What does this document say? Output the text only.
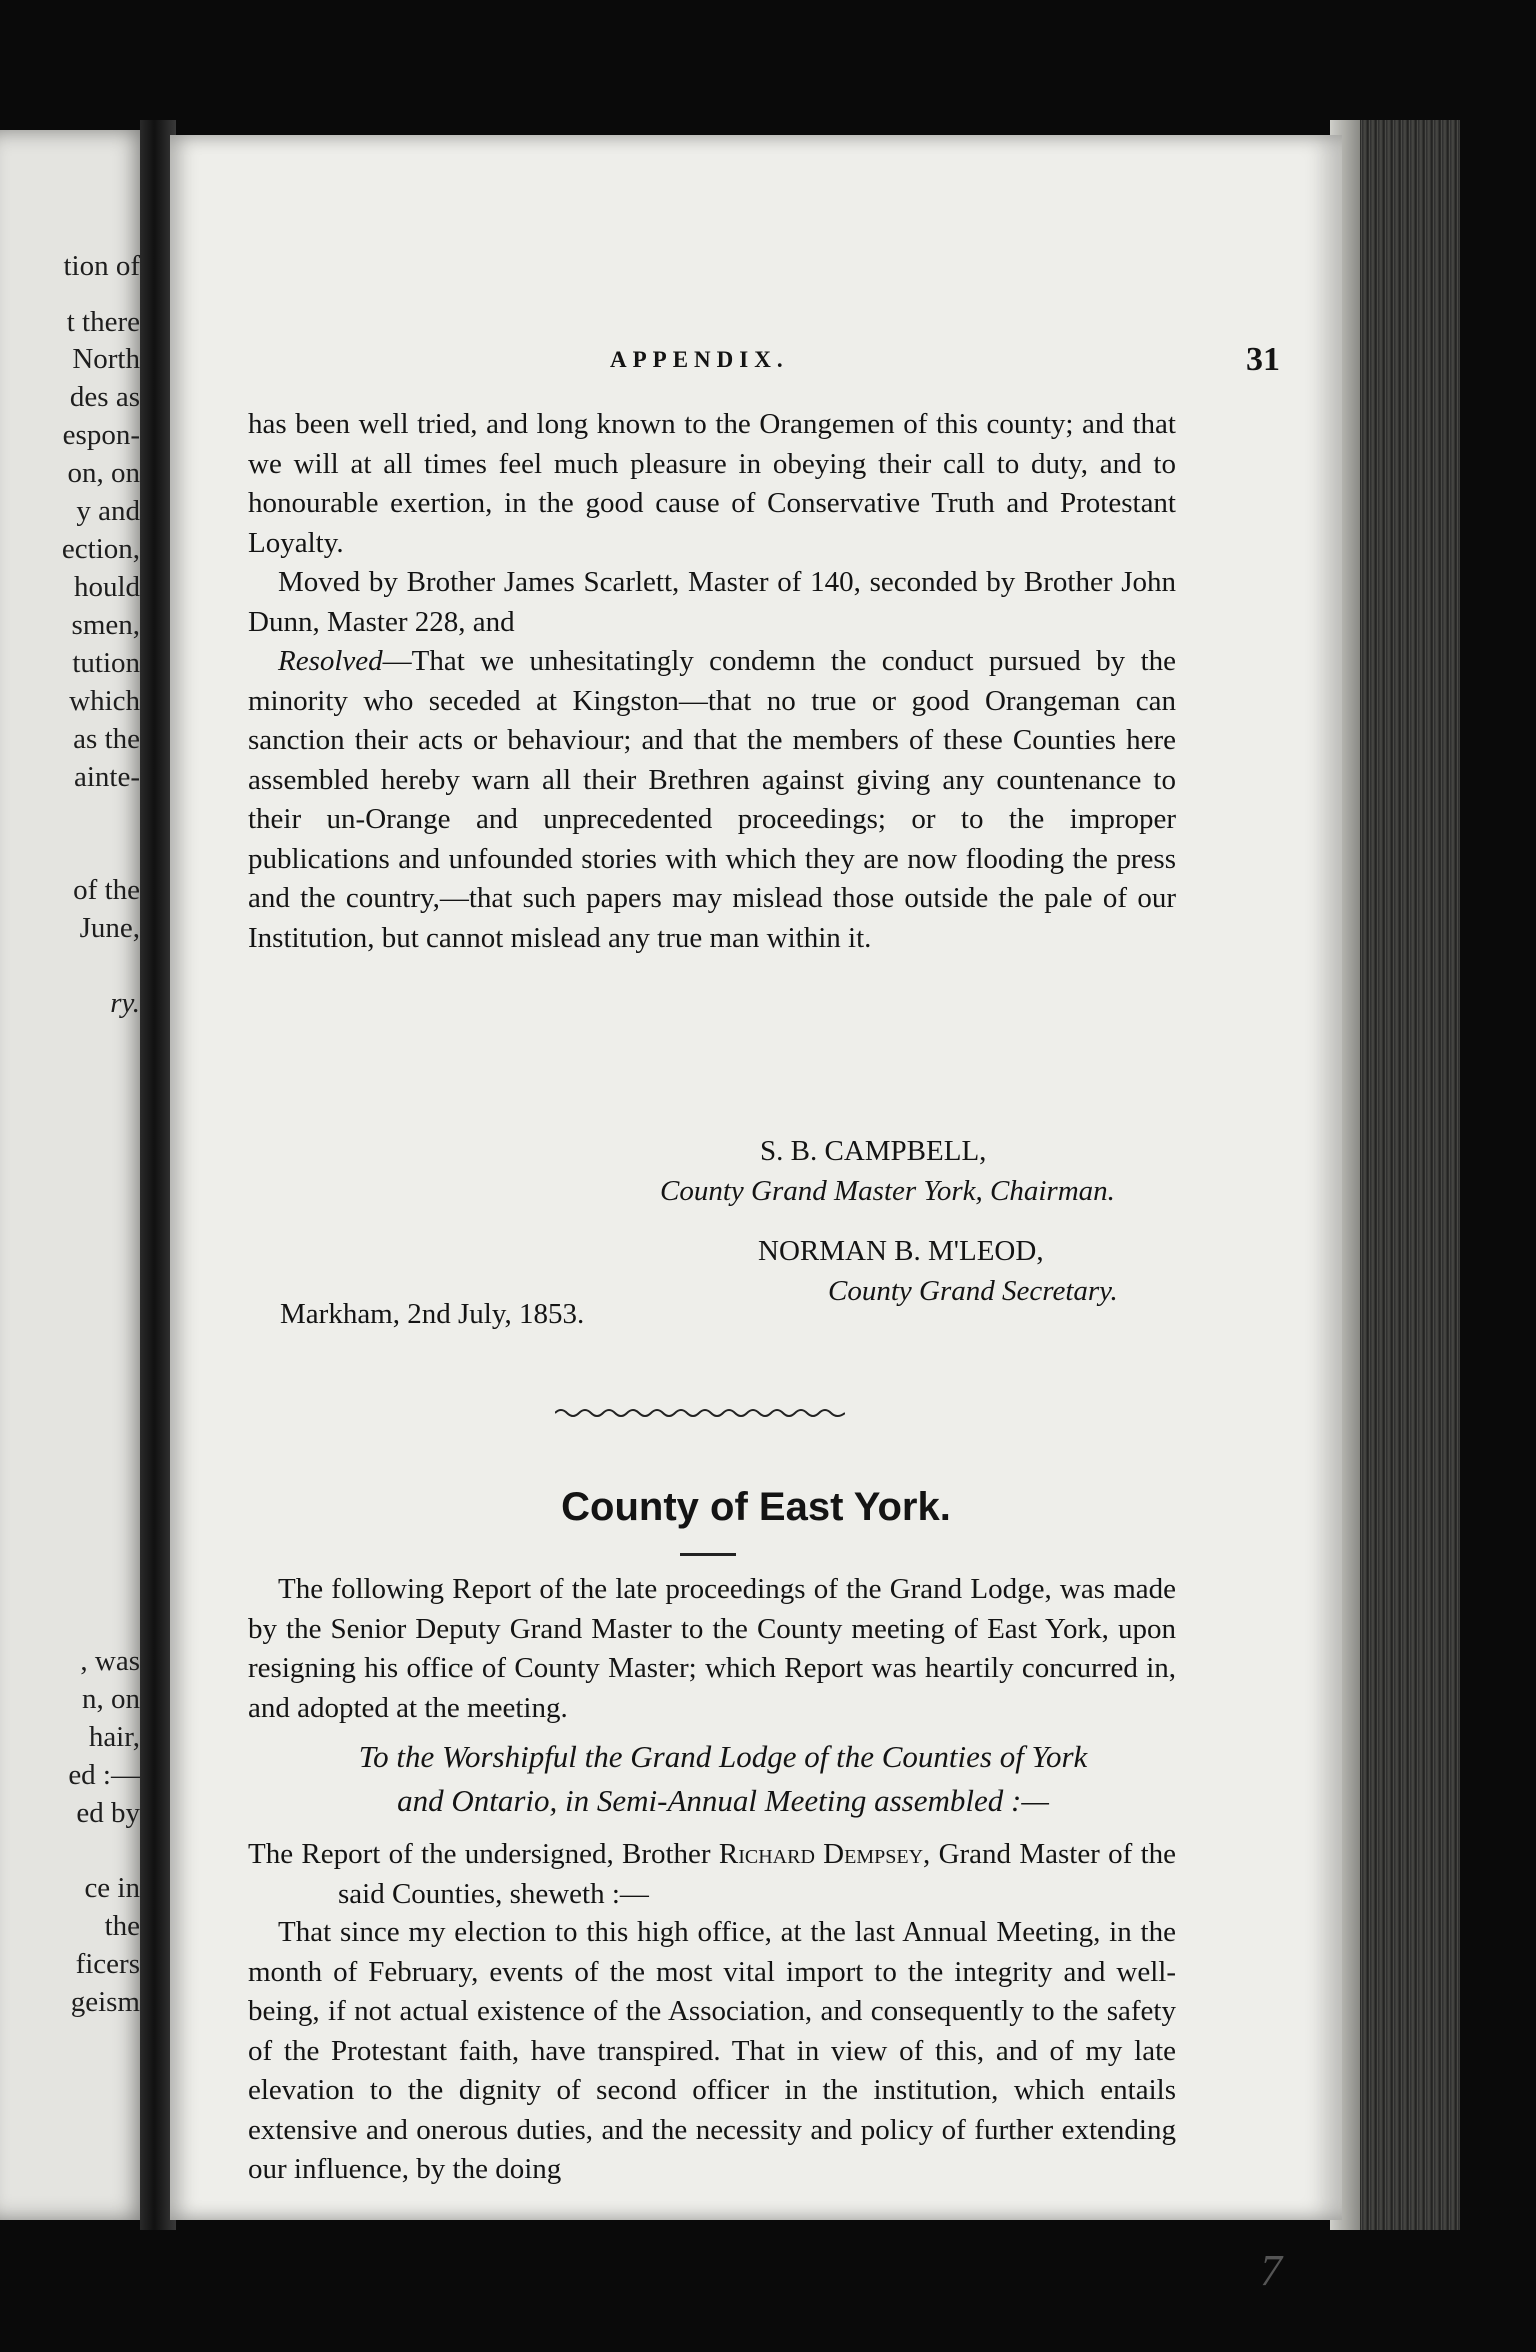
tion of
t there
North
des as
espon-
on, on
y and
ection,
hould
smen,
tution
which
as the
ainte-
of the
June,
ry.
, was
n, on
hair,
ed :—
ed by
ce in
the
ficers
geism
APPENDIX.	31
has been well tried, and long known to the Orangemen of this county; and that we will at all times feel much pleasure in obeying their call to duty, and to honourable exertion, in the good cause of Conservative Truth and Protestant Loyalty.
Moved by Brother James Scarlett, Master of 140, seconded by Brother John Dunn, Master 228, and
Resolved—That we unhesitatingly condemn the conduct pursued by the minority who seceded at Kingston—that no true or good Orangeman can sanction their acts or behaviour; and that the members of these Counties here assembled hereby warn all their Brethren against giving any countenance to their un-Orange and unprecedented proceedings; or to the improper publications and unfounded stories with which they are now flooding the press and the country,—that such papers may mislead those outside the pale of our Institution, but cannot mislead any true man within it.
S. B. CAMPBELL,
County Grand Master York, Chairman.
NORMAN B. M'LEOD,
County Grand Secretary.
Markham, 2nd July, 1853.
County of East York.
The following Report of the late proceedings of the Grand Lodge, was made by the Senior Deputy Grand Master to the County meeting of East York, upon resigning his office of County Master; which Report was heartily concurred in, and adopted at the meeting.
To the Worshipful the Grand Lodge of the Counties of York
and Ontario, in Semi-Annual Meeting assembled :—
The Report of the undersigned, Brother Richard Dempsey, Grand Master of the said Counties, sheweth :—
That since my election to this high office, at the last Annual Meeting, in the month of February, events of the most vital import to the integrity and well-being, if not actual existence of the Association, and consequently to the safety of the Protestant faith, have transpired. That in view of this, and of my late elevation to the dignity of second officer in the institution, which entails extensive and onerous duties, and the necessity and policy of further extending our influence, by the doing
7
